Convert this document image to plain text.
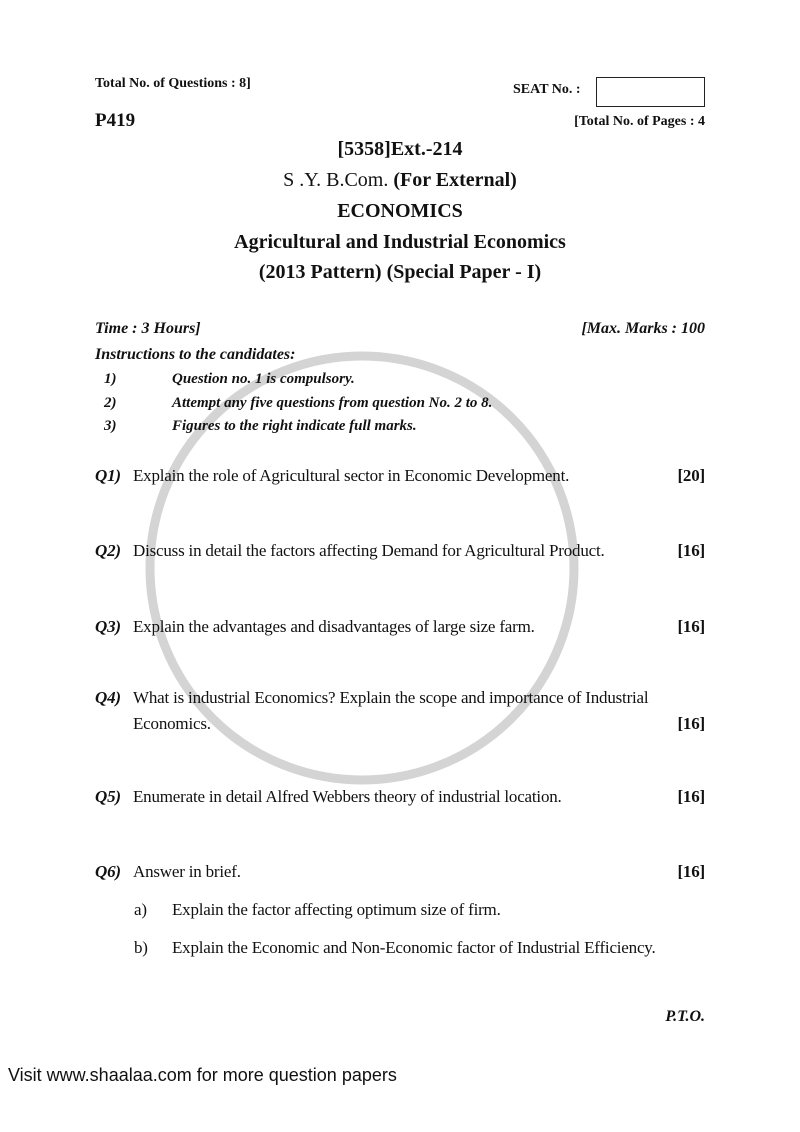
Total No. of Questions : 8]	SEAT No. :
P419	[Total No. of Pages : 4
[5358]Ext.-214
S .Y. B.Com. (For External)
ECONOMICS
Agricultural and Industrial Economics
(2013 Pattern) (Special Paper - I)
Time : 3 Hours]	[Max. Marks : 100
Instructions to the candidates:
1)	Question no. 1 is compulsory.
2)	Attempt any five questions from question No. 2 to 8.
3)	Figures to the right indicate full marks.
Q1) Explain the role of Agricultural sector in Economic Development.	[20]
Q2) Discuss in detail the factors affecting Demand for Agricultural Product.	[16]
Q3) Explain the advantages and disadvantages of large size farm.	[16]
Q4) What is industrial Economics? Explain the scope and importance of Industrial
Economics.	[16]
Q5) Enumerate in detail Alfred Webbers theory of industrial location.	[16]
Q6) Answer in brief.	[16]
a)	Explain the factor affecting optimum size of firm.
b)	Explain the Economic and Non-Economic factor of Industrial Efficiency.
P.T.O.
Visit www.shaalaa.com for more question papers
